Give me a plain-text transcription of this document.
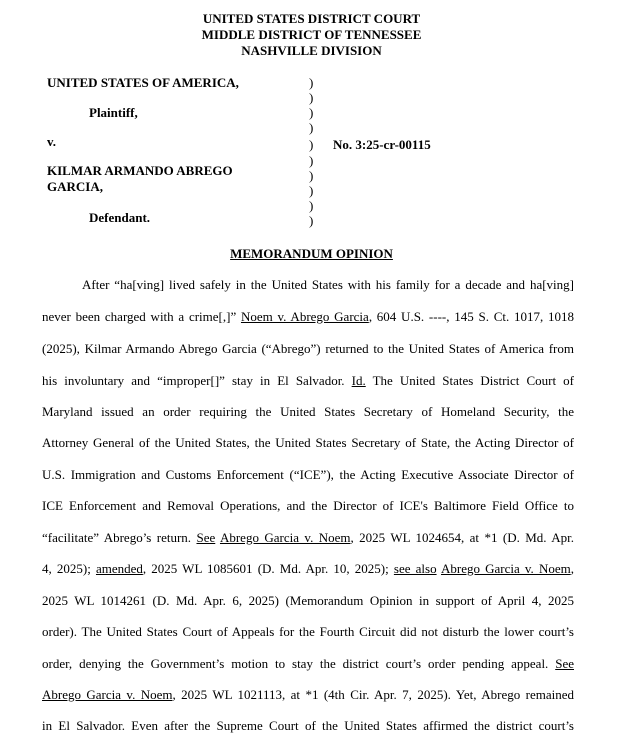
UNITED STATES DISTRICT COURT
MIDDLE DISTRICT OF TENNESSEE
NASHVILLE DIVISION
UNITED STATES OF AMERICA,
Plaintiff,
v.
KILMAR ARMANDO ABREGO
GARCIA,
Defendant.
)
)
)
)
)
)
)
)
)
)
No. 3:25-cr-00115
MEMORANDUM OPINION
After “ha[ving] lived safely in the United States with his family for a decade and ha[ving]
never been charged with a crime[,]” Noem v. Abrego Garcia, 604 U.S. ----, 145 S. Ct. 1017, 1018
(2025), Kilmar Armando Abrego Garcia (“Abrego”) returned to the United States of America from
his involuntary and “improper[]” stay in El Salvador. Id. The United States District Court of
Maryland issued an order requiring the United States Secretary of Homeland Security, the
Attorney General of the United States, the United States Secretary of State, the Acting Director of
U.S. Immigration and Customs Enforcement (“ICE”), the Acting Executive Associate Director of
ICE Enforcement and Removal Operations, and the Director of ICE's Baltimore Field Office to
“facilitate” Abrego’s return. See Abrego Garcia v. Noem, 2025 WL 1024654, at *1 (D. Md. Apr.
4, 2025); amended, 2025 WL 1085601 (D. Md. Apr. 10, 2025); see also Abrego Garcia v. Noem,
2025 WL 1014261 (D. Md. Apr. 6, 2025) (Memorandum Opinion in support of April 4, 2025
order). The United States Court of Appeals for the Fourth Circuit did not disturb the lower court’s
order, denying the Government’s motion to stay the district court’s order pending appeal. See
Abrego Garcia v. Noem, 2025 WL 1021113, at *1 (4th Cir. Apr. 7, 2025). Yet, Abrego remained
in El Salvador. Even after the Supreme Court of the United States affirmed the district court’s
